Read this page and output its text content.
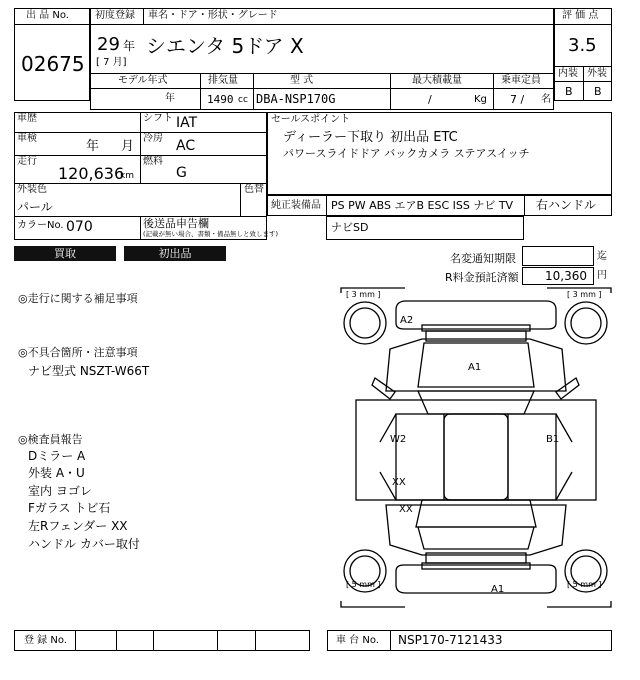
出 品 No.
02675
初度登録 車名・ドア・形状・グレード
29 年
[ 7 月]
シエンタ 5ドア X
モデル年式	排気量	型 式	最大積載量	乗車定員
年	1490 cc DBA-NSP170G	/	Kg 7 / 名
評 価 点
3.5
内装 外装
B B
車歴	シフト IAT
車検
年 月
冷房 AC
走行
120,636
km
燃料
G
外装色
パール
色替
カラーNo. 070	後送品申告欄
(記載が無い場合、書類・備品無しと致します)
セールスポイント
ディーラー下取り 初出品 ETC
パワースライドドア バックカメラ ステアスイッチ
純正装備品 PS PW ABS エアB ESC ISS ナビ TV 右ハンドル
ナビSD
買取	初出品	名変通知期限	迄
R料金預託済額 10,360 円
◎走行に関する補足事項
◎不具合箇所・注意事項
ナビ型式 NSZT-W66T
◎検査員報告
Dミラー A
外装 A・U
室内 ヨゴレ
Fガラス トビ石
左Rフェンダー XX
ハンドル カバー取付
[ 3 mm ]	[ 3 mm ]
[ 5 mm ]	[ 5 mm ]
A2
A1
W2	B1
XX
XX
A1
登 録 No.	車 台 No. NSP170-7121433
